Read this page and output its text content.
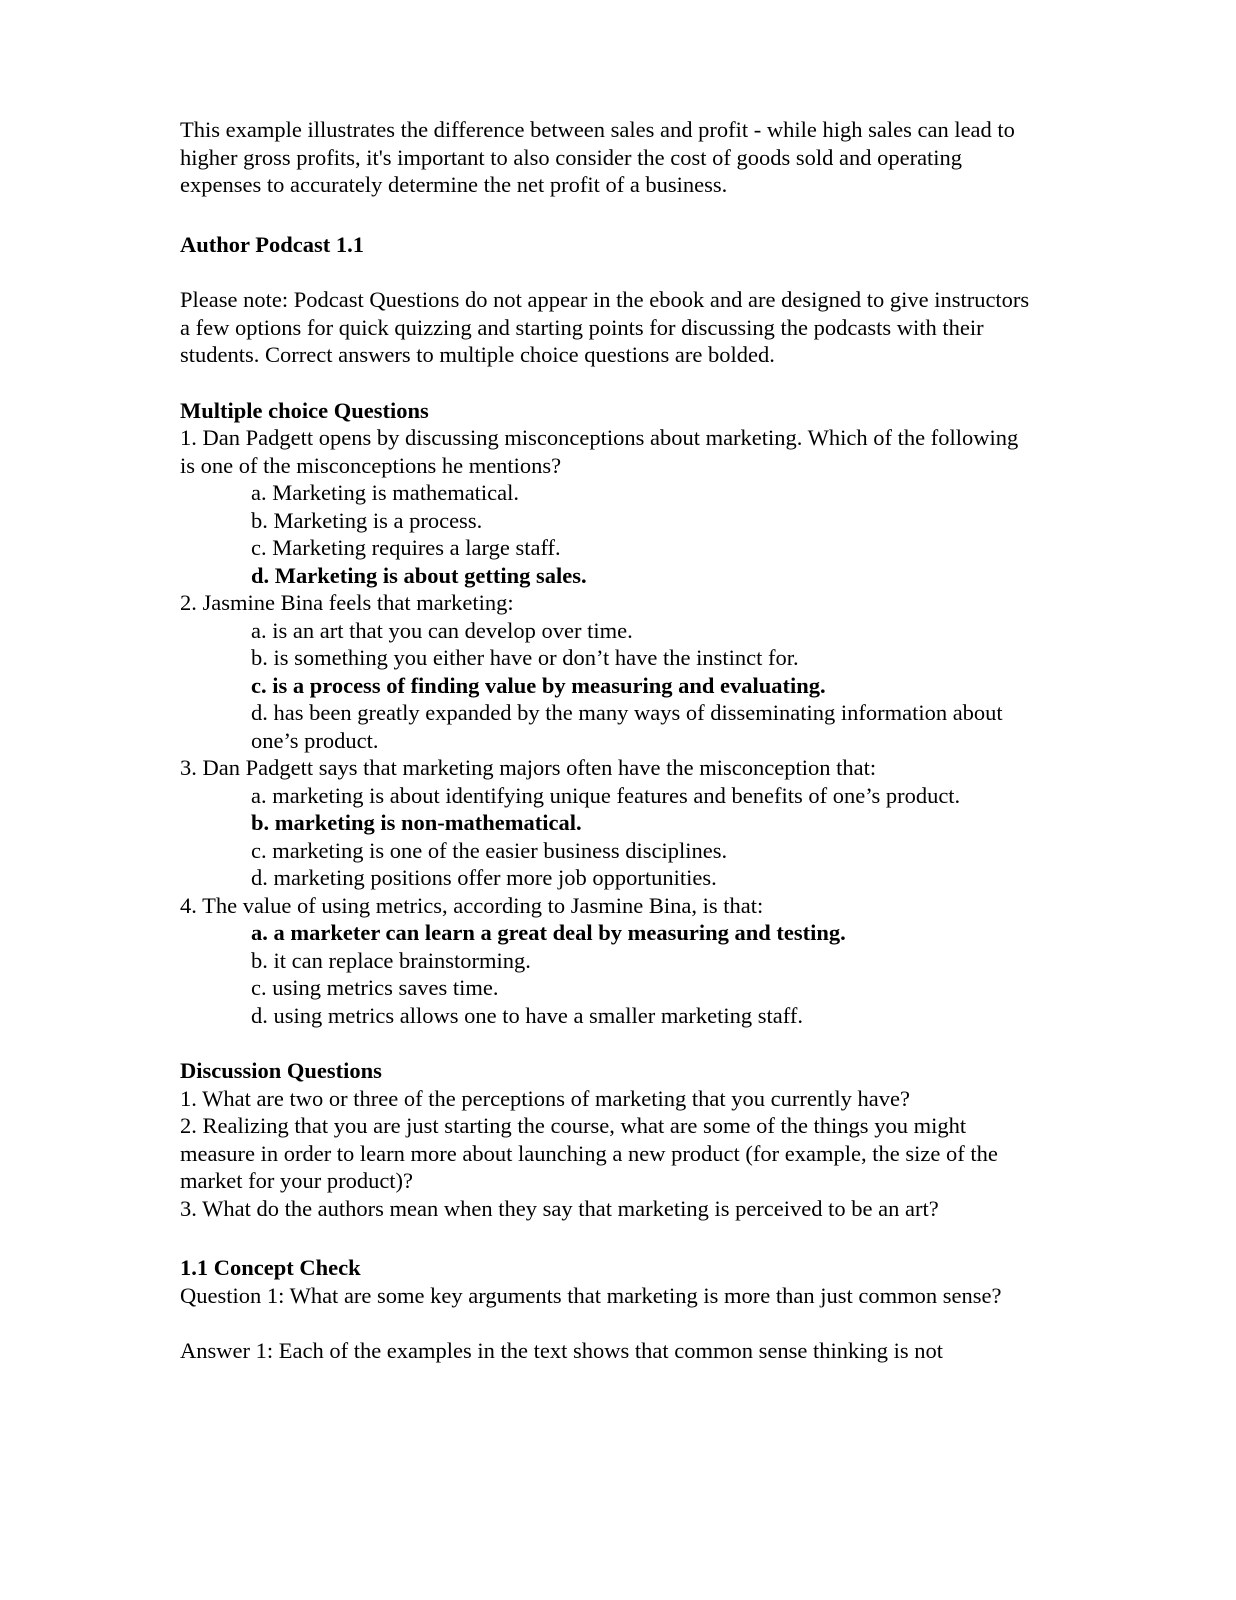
This example illustrates the difference between sales and profit - while high sales can lead to higher gross profits, it's important to also consider the cost of goods sold and operating expenses to accurately determine the net profit of a business.

Author Podcast 1.1

Please note: Podcast Questions do not appear in the ebook and are designed to give instructors a few options for quick quizzing and starting points for discussing the podcasts with their students. Correct answers to multiple choice questions are bolded.

Multiple choice Questions

1. Dan Padgett opens by discussing misconceptions about marketing. Which of the following is one of the misconceptions he mentions?

a. Marketing is mathematical.

b. Marketing is a process.

c. Marketing requires a large staff.

d. Marketing is about getting sales.

2. Jasmine Bina feels that marketing:

a. is an art that you can develop over time.

b. is something you either have or don’t have the instinct for.

c. is a process of finding value by measuring and evaluating.

d. has been greatly expanded by the many ways of disseminating information about one’s product.

3. Dan Padgett says that marketing majors often have the misconception that:

a. marketing is about identifying unique features and benefits of one’s product.

b. marketing is non-mathematical.

c. marketing is one of the easier business disciplines.

d. marketing positions offer more job opportunities.

4. The value of using metrics, according to Jasmine Bina, is that:

a. a marketer can learn a great deal by measuring and testing.

b. it can replace brainstorming.

c. using metrics saves time.

d. using metrics allows one to have a smaller marketing staff.

Discussion Questions

1. What are two or three of the perceptions of marketing that you currently have?

2. Realizing that you are just starting the course, what are some of the things you might measure in order to learn more about launching a new product (for example, the size of the market for your product)?

3. What do the authors mean when they say that marketing is perceived to be an art?

1.1 Concept Check

Question 1: What are some key arguments that marketing is more than just common sense?

Answer 1: Each of the examples in the text shows that common sense thinking is not
